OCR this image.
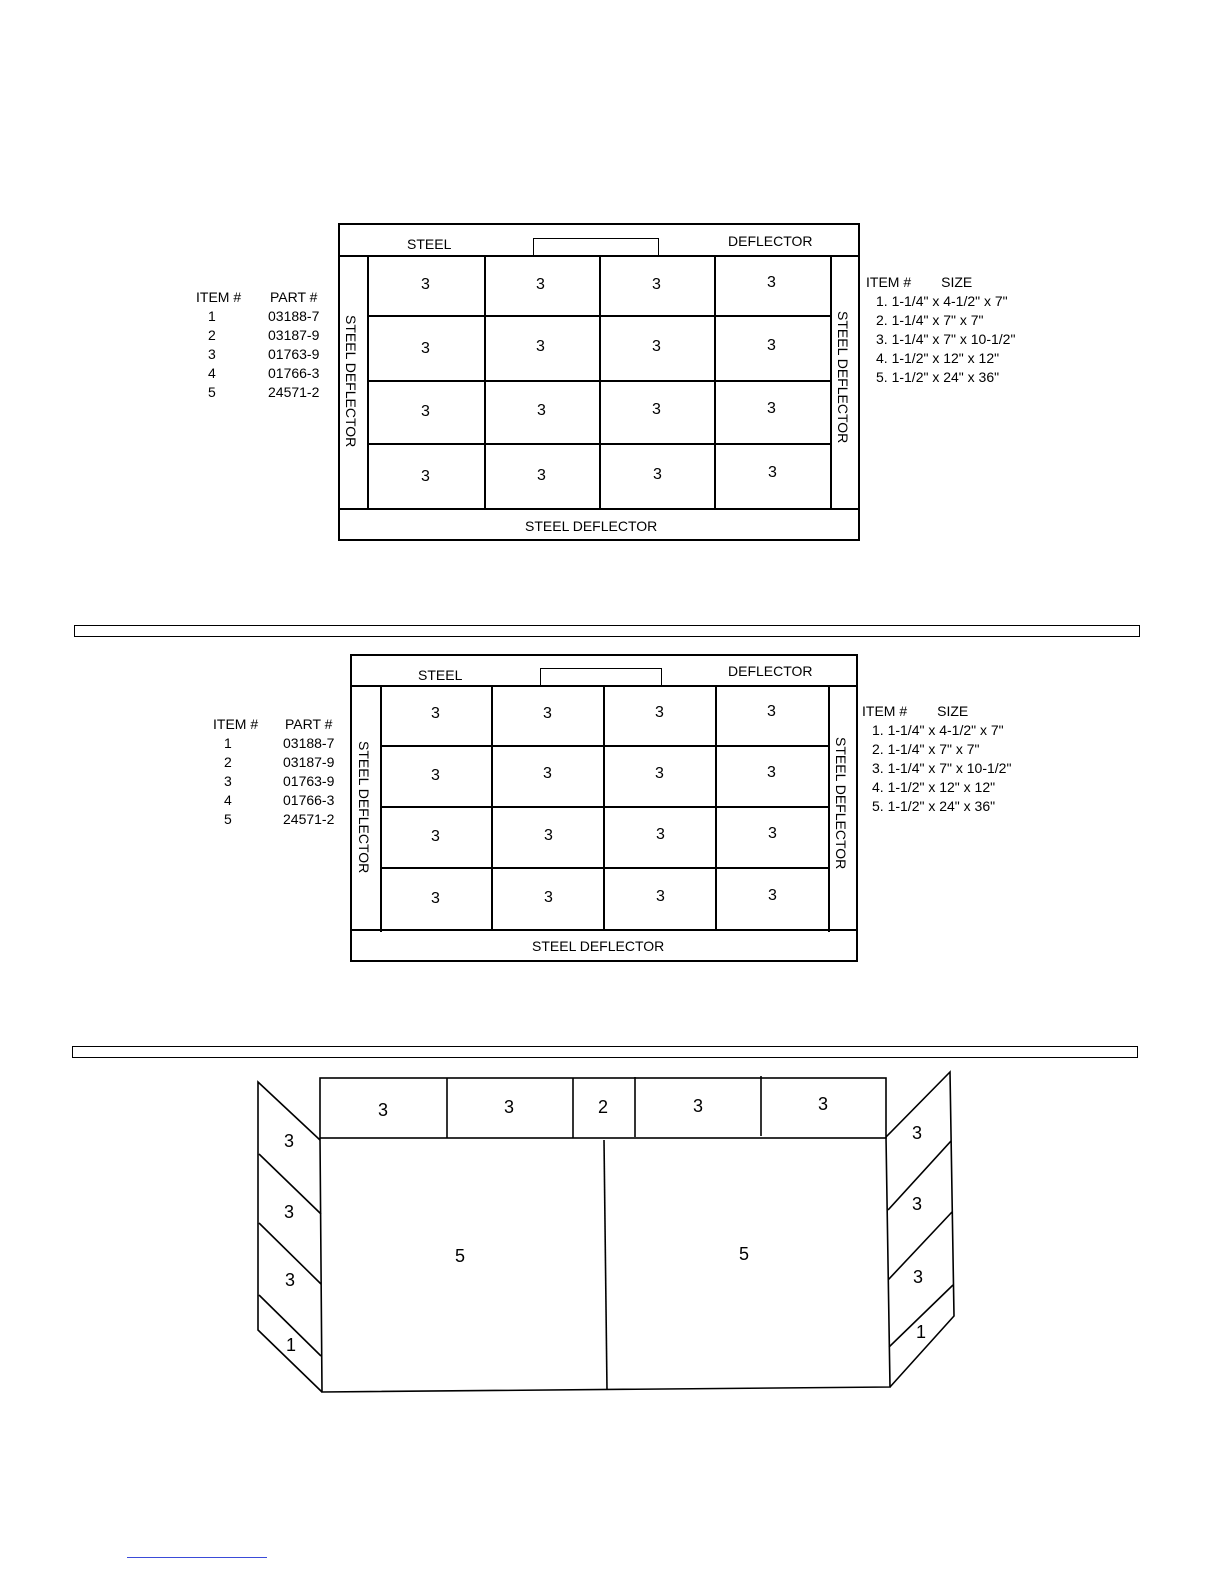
STEEL	DEFLECTOR
STEEL DEFLECTOR	STEEL DEFLECTOR
STEEL DEFLECTOR
3	3	3	3
3	3	3	3
3	3	3	3
3	3	3	3
ITEM #	PART #
1	03188-7
2	03187-9
3	01763-9
4	01766-3
5	24571-2
ITEM # SIZE
1. 1-1/4" x 4-1/2" x 7"
2. 1-1/4" x 7" x 7"
3. 1-1/4" x 7" x 10-1/2"
4. 1-1/2" x 12" x 12"
5. 1-1/2" x 24" x 36"
STEEL	DEFLECTOR
STEEL DEFLECTOR	STEEL DEFLECTOR
STEEL DEFLECTOR
3	3	3	3
3	3	3	3
3	3	3	3
3	3	3	3
ITEM #	PART #
1	03188-7
2	03187-9
3	01763-9
4	01766-3
5	24571-2
ITEM # SIZE
1. 1-1/4" x 4-1/2" x 7"
2. 1-1/4" x 7" x 7"
3. 1-1/4" x 7" x 10-1/2"
4. 1-1/2" x 12" x 12"
5. 1-1/2" x 24" x 36"
3	3	2	3	3
5	5
3
3
3
1
3
3
3
1
